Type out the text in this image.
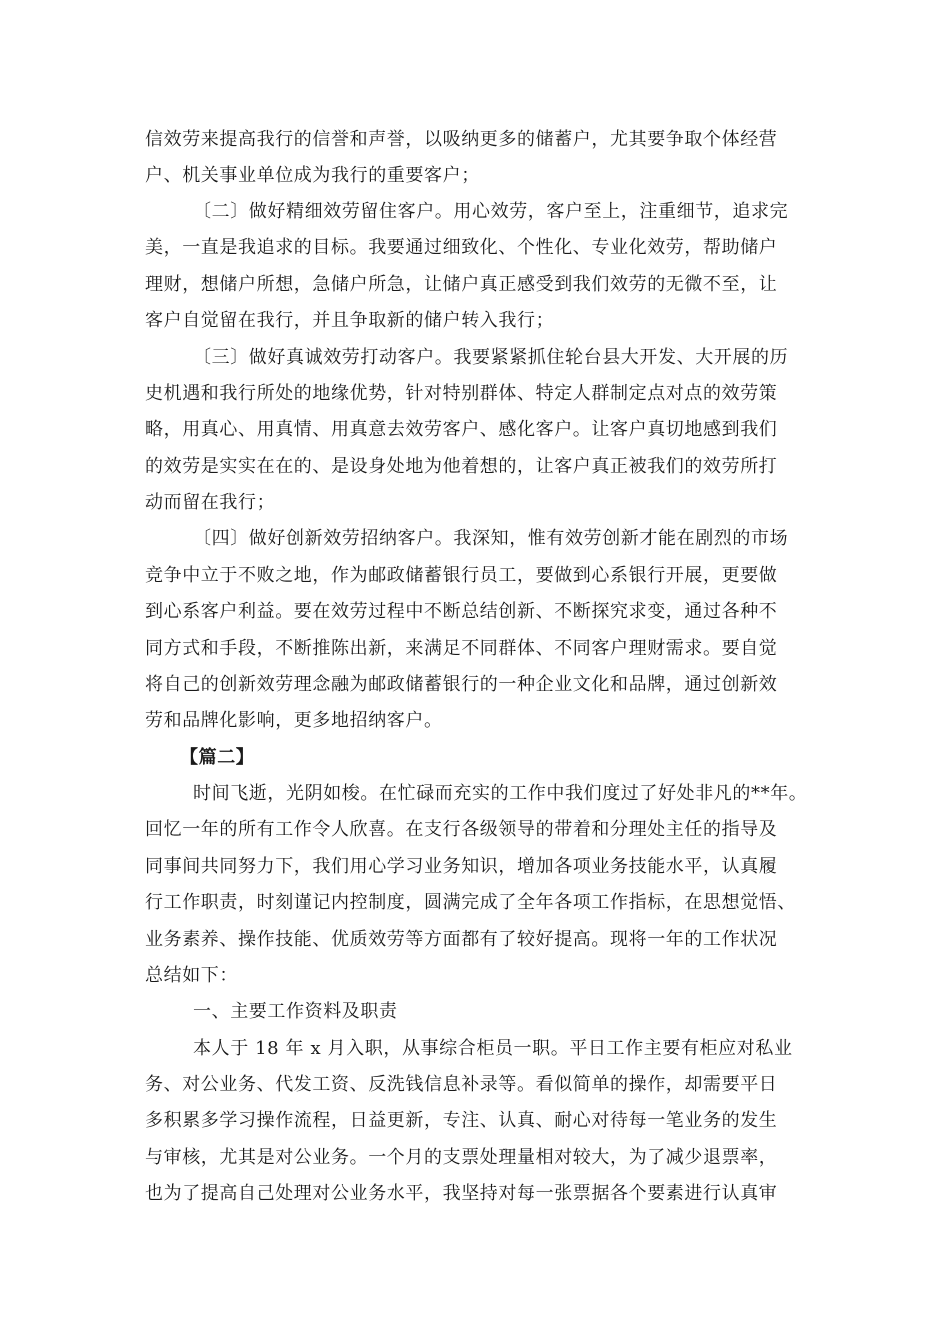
信效劳来提高我行的信誉和声誉，以吸纳更多的储蓄户，尤其要争取个体经营
户、机关事业单位成为我行的重要客户；
〔二〕做好精细效劳留住客户。用心效劳，客户至上，注重细节，追求完
美，一直是我追求的目标。我要通过细致化、个性化、专业化效劳，帮助储户
理财，想储户所想，急储户所急，让储户真正感受到我们效劳的无微不至，让
客户自觉留在我行，并且争取新的储户转入我行；
〔三〕做好真诚效劳打动客户。我要紧紧抓住轮台县大开发、大开展的历
史机遇和我行所处的地缘优势，针对特别群体、特定人群制定点对点的效劳策
略，用真心、用真情、用真意去效劳客户、感化客户。让客户真切地感到我们
的效劳是实实在在的、是设身处地为他着想的，让客户真正被我们的效劳所打
动而留在我行；
〔四〕做好创新效劳招纳客户。我深知，惟有效劳创新才能在剧烈的市场
竞争中立于不败之地，作为邮政储蓄银行员工，要做到心系银行开展，更要做
到心系客户利益。要在效劳过程中不断总结创新、不断探究求变，通过各种不
同方式和手段，不断推陈出新，来满足不同群体、不同客户理财需求。要自觉
将自己的创新效劳理念融为邮政储蓄银行的一种企业文化和品牌，通过创新效
劳和品牌化影响，更多地招纳客户。
【篇二】
时间飞逝，光阴如梭。在忙碌而充实的工作中我们度过了好处非凡的**年。
回忆一年的所有工作令人欣喜。在支行各级领导的带着和分理处主任的指导及
同事间共同努力下，我们用心学习业务知识，增加各项业务技能水平，认真履
行工作职责，时刻谨记内控制度，圆满完成了全年各项工作指标，在思想觉悟、
业务素养、操作技能、优质效劳等方面都有了较好提高。现将一年的工作状况
总结如下：
一、主要工作资料及职责
本人于 18 年 x 月入职，从事综合柜员一职。平日工作主要有柜应对私业
务、对公业务、代发工资、反洗钱信息补录等。看似简单的操作，却需要平日
多积累多学习操作流程，日益更新，专注、认真、耐心对待每一笔业务的发生
与审核，尤其是对公业务。一个月的支票处理量相对较大，为了减少退票率，
也为了提高自己处理对公业务水平，我坚持对每一张票据各个要素进行认真审
